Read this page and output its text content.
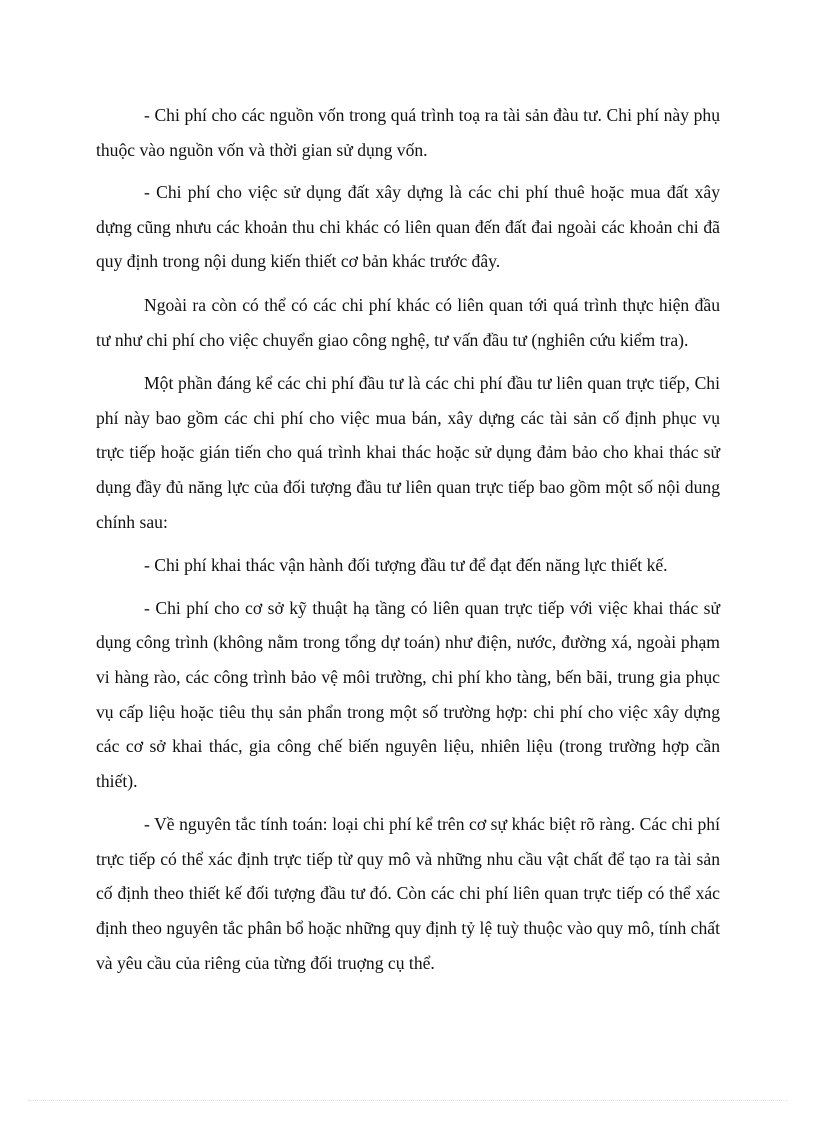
- Chi phí cho các nguồn vốn trong quá trình toạ ra tài sản đàu tư. Chi phí này phụ thuộc vào nguồn vốn và thời gian sử dụng vốn.

- Chi phí cho việc sử dụng đất xây dựng là các chi phí thuê hoặc mua đất xây dựng cũng nhưu các khoản thu chi khác có liên quan đến đất đai ngoài các khoản chi đã quy định trong nội dung kiến thiết cơ bản khác trước đây.

Ngoài ra còn có thể có các chi phí khác có liên quan tới quá trình thực hiện đầu tư như chi phí cho việc chuyển giao công nghệ, tư vấn đầu tư (nghiên cứu kiểm tra).

Một phần đáng kể các chi phí đầu tư là các chi phí đầu tư liên quan trực tiếp, Chi phí này bao gồm các chi phí cho việc mua bán, xây dựng các tài sản cố định phục vụ trực tiếp hoặc gián tiến cho quá trình khai thác hoặc sử dụng đảm bảo cho khai thác sử dụng đầy đủ năng lực của đối tượng đầu tư liên quan trực tiếp bao gồm một số nội dung chính sau:

- Chi phí khai thác vận hành đối tượng đầu tư để đạt đến năng lực thiết kế.

- Chi phí cho cơ sở kỹ thuật hạ tầng có liên quan trực tiếp với việc khai thác sử dụng công trình (không nằm trong tổng dự toán) như điện, nước, đường xá, ngoài phạm vi hàng rào, các công trình bảo vệ môi trường, chi phí kho tàng, bến bãi, trung gia phục vụ cấp liệu hoặc tiêu thụ sản phẩn trong một số trường hợp: chi phí cho việc xây dựng các cơ sở khai thác, gia công chế biến nguyên liệu, nhiên liệu (trong trường hợp cần thiết).

- Về nguyên tắc tính toán: loại chi phí kể trên cơ sự khác biệt rõ ràng. Các chi phí trực tiếp có thể xác định trực tiếp từ quy mô và những nhu cầu vật chất để tạo ra tài sản cố định theo thiết kế đối tượng đầu tư đó. Còn các chi phí liên quan trực tiếp có thể xác định theo nguyên tắc phân bổ hoặc những quy định tỷ lệ tuỳ thuộc vào quy mô, tính chất và yêu cầu của riêng của từng đối truợng cụ thể.
